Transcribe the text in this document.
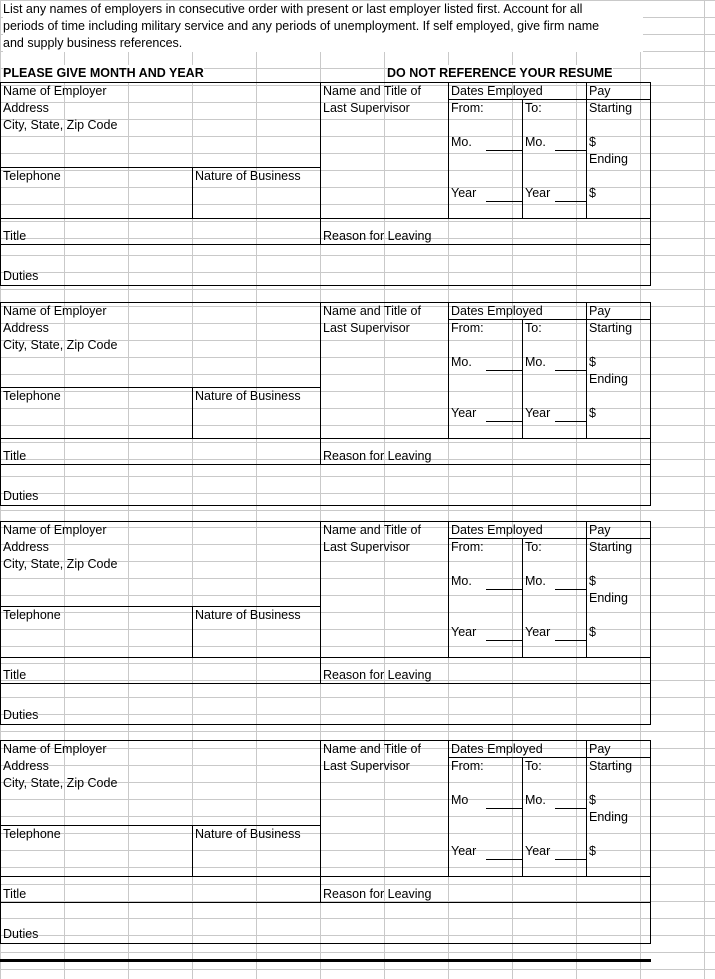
List any names of employers in consecutive order with present or last employer listed first. Account for all
periods of time including military service and any periods of unemployment. If self employed, give firm name
and supply business references.
PLEASE GIVE MONTH AND YEAR	DO NOT REFERENCE YOUR RESUME
Name of Employer
Address
City, State, Zip Code
Telephone	Nature of Business
Name and Title of
Last Supervisor
Dates Employed
From:	To:
Mo.	Mo.
Year	Year
Pay
Starting
$
Ending
$
Title	Reason for Leaving
Duties
Name of Employer
Address
City, State, Zip Code
Telephone	Nature of Business
Name and Title of
Last Supervisor
Dates Employed
From:	To:
Mo.	Mo.
Year	Year
Pay
Starting
$
Ending
$
Title	Reason for Leaving
Duties
Name of Employer
Address
City, State, Zip Code
Telephone	Nature of Business
Name and Title of
Last Supervisor
Dates Employed
From:	To:
Mo.	Mo.
Year	Year
Pay
Starting
$
Ending
$
Title	Reason for Leaving
Duties
Name of Employer
Address
City, State, Zip Code
Telephone	Nature of Business
Name and Title of
Last Supervisor
Dates Employed
From:	To:
Mo	Mo.
Year	Year
Pay
Starting
$
Ending
$
Title	Reason for Leaving
Duties
